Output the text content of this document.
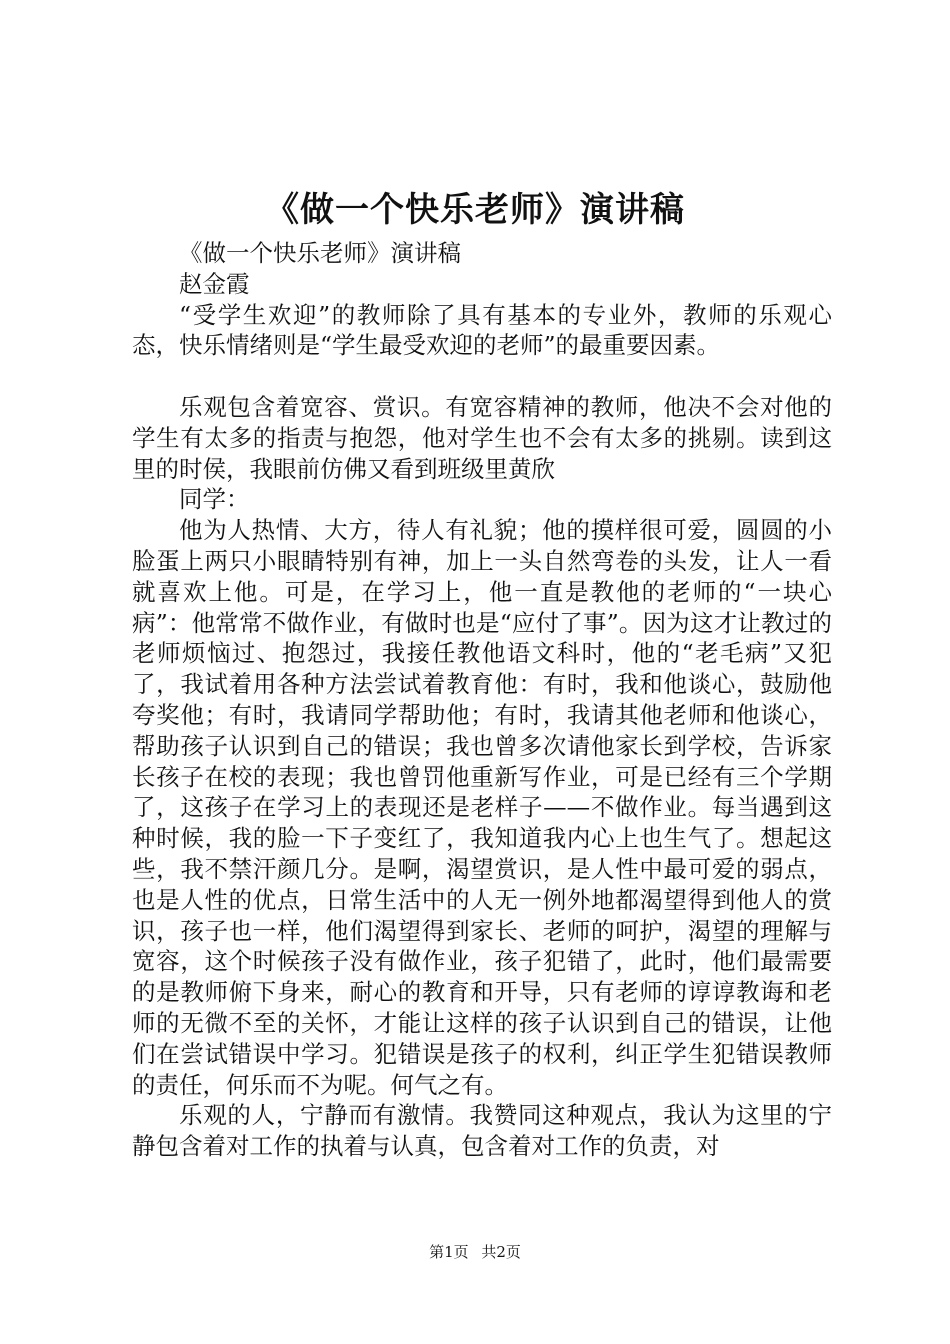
《做一个快乐老师》演讲稿

《做一个快乐老师》演讲稿

赵金霞

“受学生欢迎”的教师除了具有基本的专业外，教师的乐观心态，快乐情绪则是“学生最受欢迎的老师”的最重要因素。

乐观包含着宽容、赏识。有宽容精神的教师，他决不会对他的学生有太多的指责与抱怨，他对学生也不会有太多的挑剔。读到这里的时侯，我眼前仿佛又看到班级里黄欣

同学：

他为人热情、大方，待人有礼貌；他的摸样很可爱，圆圆的小脸蛋上两只小眼睛特别有神，加上一头自然弯卷的头发，让人一看就喜欢上他。可是，在学习上，他一直是教他的老师的“一块心病”：他常常不做作业，有做时也是“应付了事”。因为这才让教过的老师烦恼过、抱怨过，我接任教他语文科时，他的“老毛病”又犯了，我试着用各种方法尝试着教育他：有时，我和他谈心，鼓励他夸奖他；有时，我请同学帮助他；有时，我请其他老师和他谈心，帮助孩子认识到自己的错误；我也曾多次请他家长到学校，告诉家长孩子在校的表现；我也曾罚他重新写作业，可是已经有三个学期了，这孩子在学习上的表现还是老样子——不做作业。每当遇到这种时候，我的脸一下子变红了，我知道我内心上也生气了。想起这些，我不禁汗颜几分。是啊，渴望赏识，是人性中最可爱的弱点，也是人性的优点，日常生活中的人无一例外地都渴望得到他人的赏识，孩子也一样，他们渴望得到家长、老师的呵护，渴望的理解与宽容，这个时候孩子没有做作业，孩子犯错了，此时，他们最需要的是教师俯下身来，耐心的教育和开导，只有老师的谆谆教诲和老师的无微不至的关怀，才能让这样的孩子认识到自己的错误，让他们在尝试错误中学习。犯错误是孩子的权利，纠正学生犯错误教师的责任，何乐而不为呢。何气之有。

乐观的人，宁静而有激情。我赞同这种观点，我认为这里的宁静包含着对工作的执着与认真，包含着对工作的负责，对

第1页 共2页
